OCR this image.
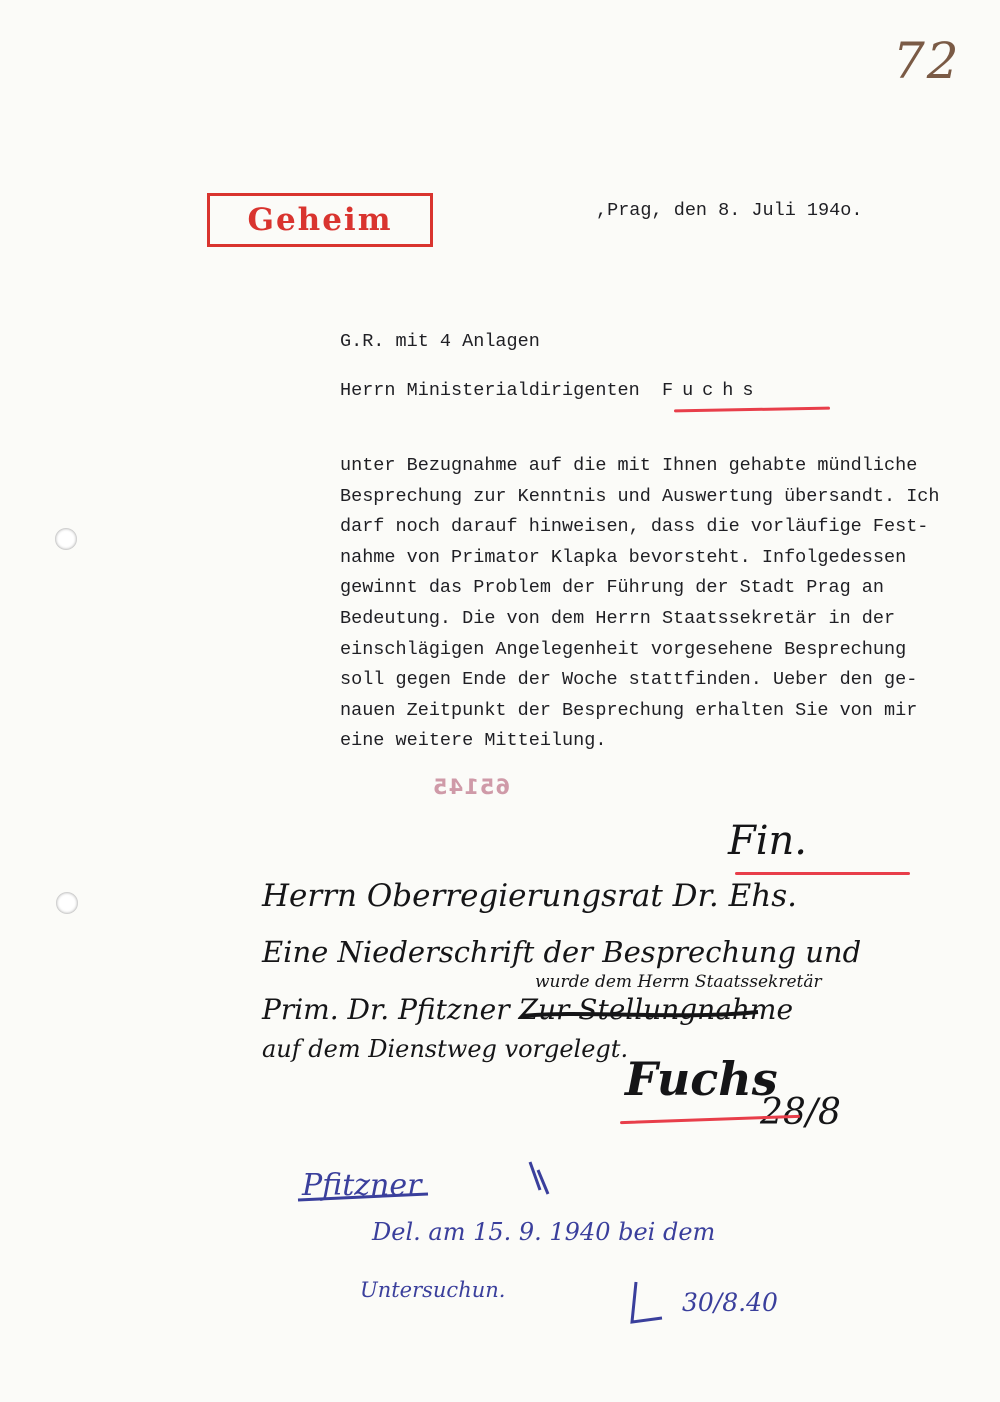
72
Geheim	,Prag, den 8. Juli 194o.
G.R. mit 4 Anlagen
Herrn Ministerialdirigenten Fuchs
unter Bezugnahme auf die mit Ihnen gehabte mündliche
Besprechung zur Kenntnis und Auswertung übersandt. Ich
darf noch darauf hinweisen, dass die vorläufige Fest-
nahme von Primator Klapka bevorsteht. Infolgedessen
gewinnt das Problem der Führung der Stadt Prag an
Bedeutung. Die von dem Herrn Staatssekretär in der
einschlägigen Angelegenheit vorgesehene Besprechung
soll gegen Ende der Woche stattfinden. Ueber den ge-
nauen Zeitpunkt der Besprechung erhalten Sie von mir
eine weitere Mitteilung.
65145
Fin.
Herrn Oberregierungsrat Dr. Ehs.
Eine Niederschrift der Besprechung und
wurde dem Herrn Staatssekretär
Prim. Dr. Pfitzner Zur Stellungnahme
auf dem Dienstweg vorgelegt.
Fuchs
28/8
Pfitzner
Del. am 15. 9. 1940 bei dem
Untersuchun.	30/8.40
